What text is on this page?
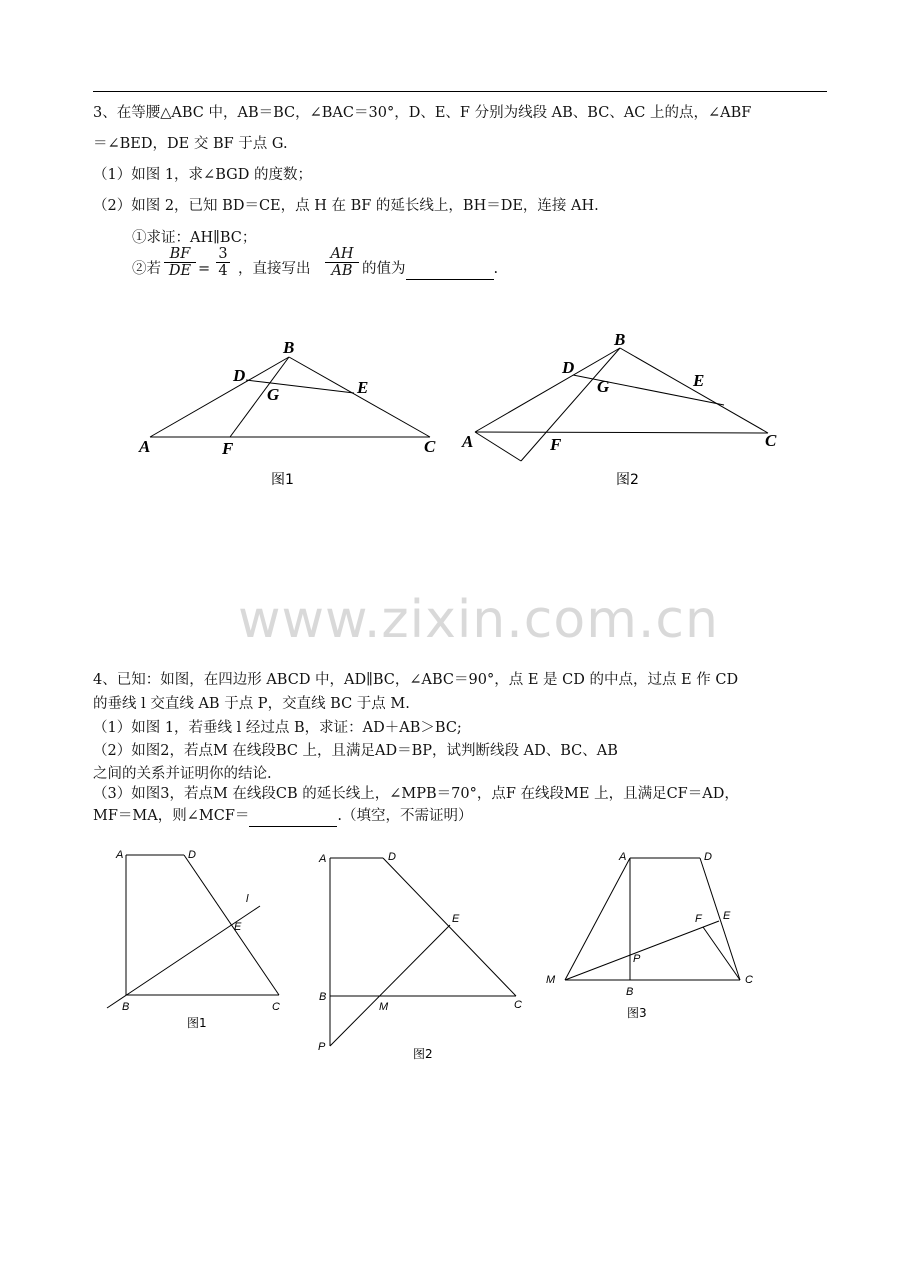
3、在等腰△ABC 中，AB＝BC，∠BAC＝30°，D、E、F 分别为线段 AB、BC、AC 上的点，∠ABF
＝∠BED，DE 交 BF 于点 G.
（1）如图 1，求∠BGD 的度数；
（2）如图 2，已知 BD＝CE，点 H 在 BF 的延长线上，BH＝DE，连接 AH.
①求证：AH∥BC；
②若 $\frac{BF}{DE} = \frac{3}{4}$ ，直接写出 $\frac{AH}{AB}$ 的值为	.
B
D
G	E
A	F	C
B
D
G	E
A	F	C
图1	图2
www.zixin.com.cn
4、已知：如图，在四边形 ABCD 中，AD∥BC，∠ABC＝90°，点 E 是 CD 的中点，过点 E 作 CD
的垂线 l 交直线 AB 于点 P，交直线 BC 于点 M.
（1）如图 1，若垂线 l 经过点 B，求证：AD＋AB＞BC;
（2）如图2，若点M 在线段BC 上，且满足AD＝BP，试判断线段 AD、BC、AB
之间的关系并证明你的结论.
（3）如图3，若点M 在线段CB 的延长线上，∠MPB＝70°，点F 在线段ME 上，且满足CF＝AD，
MF＝MA，则∠MCF＝	.（填空，不需证明）
A	D
l
E
B	C
A	D
E
B
M	C
P
A	D
F E
P
M
B
C
图1
图2
图3
